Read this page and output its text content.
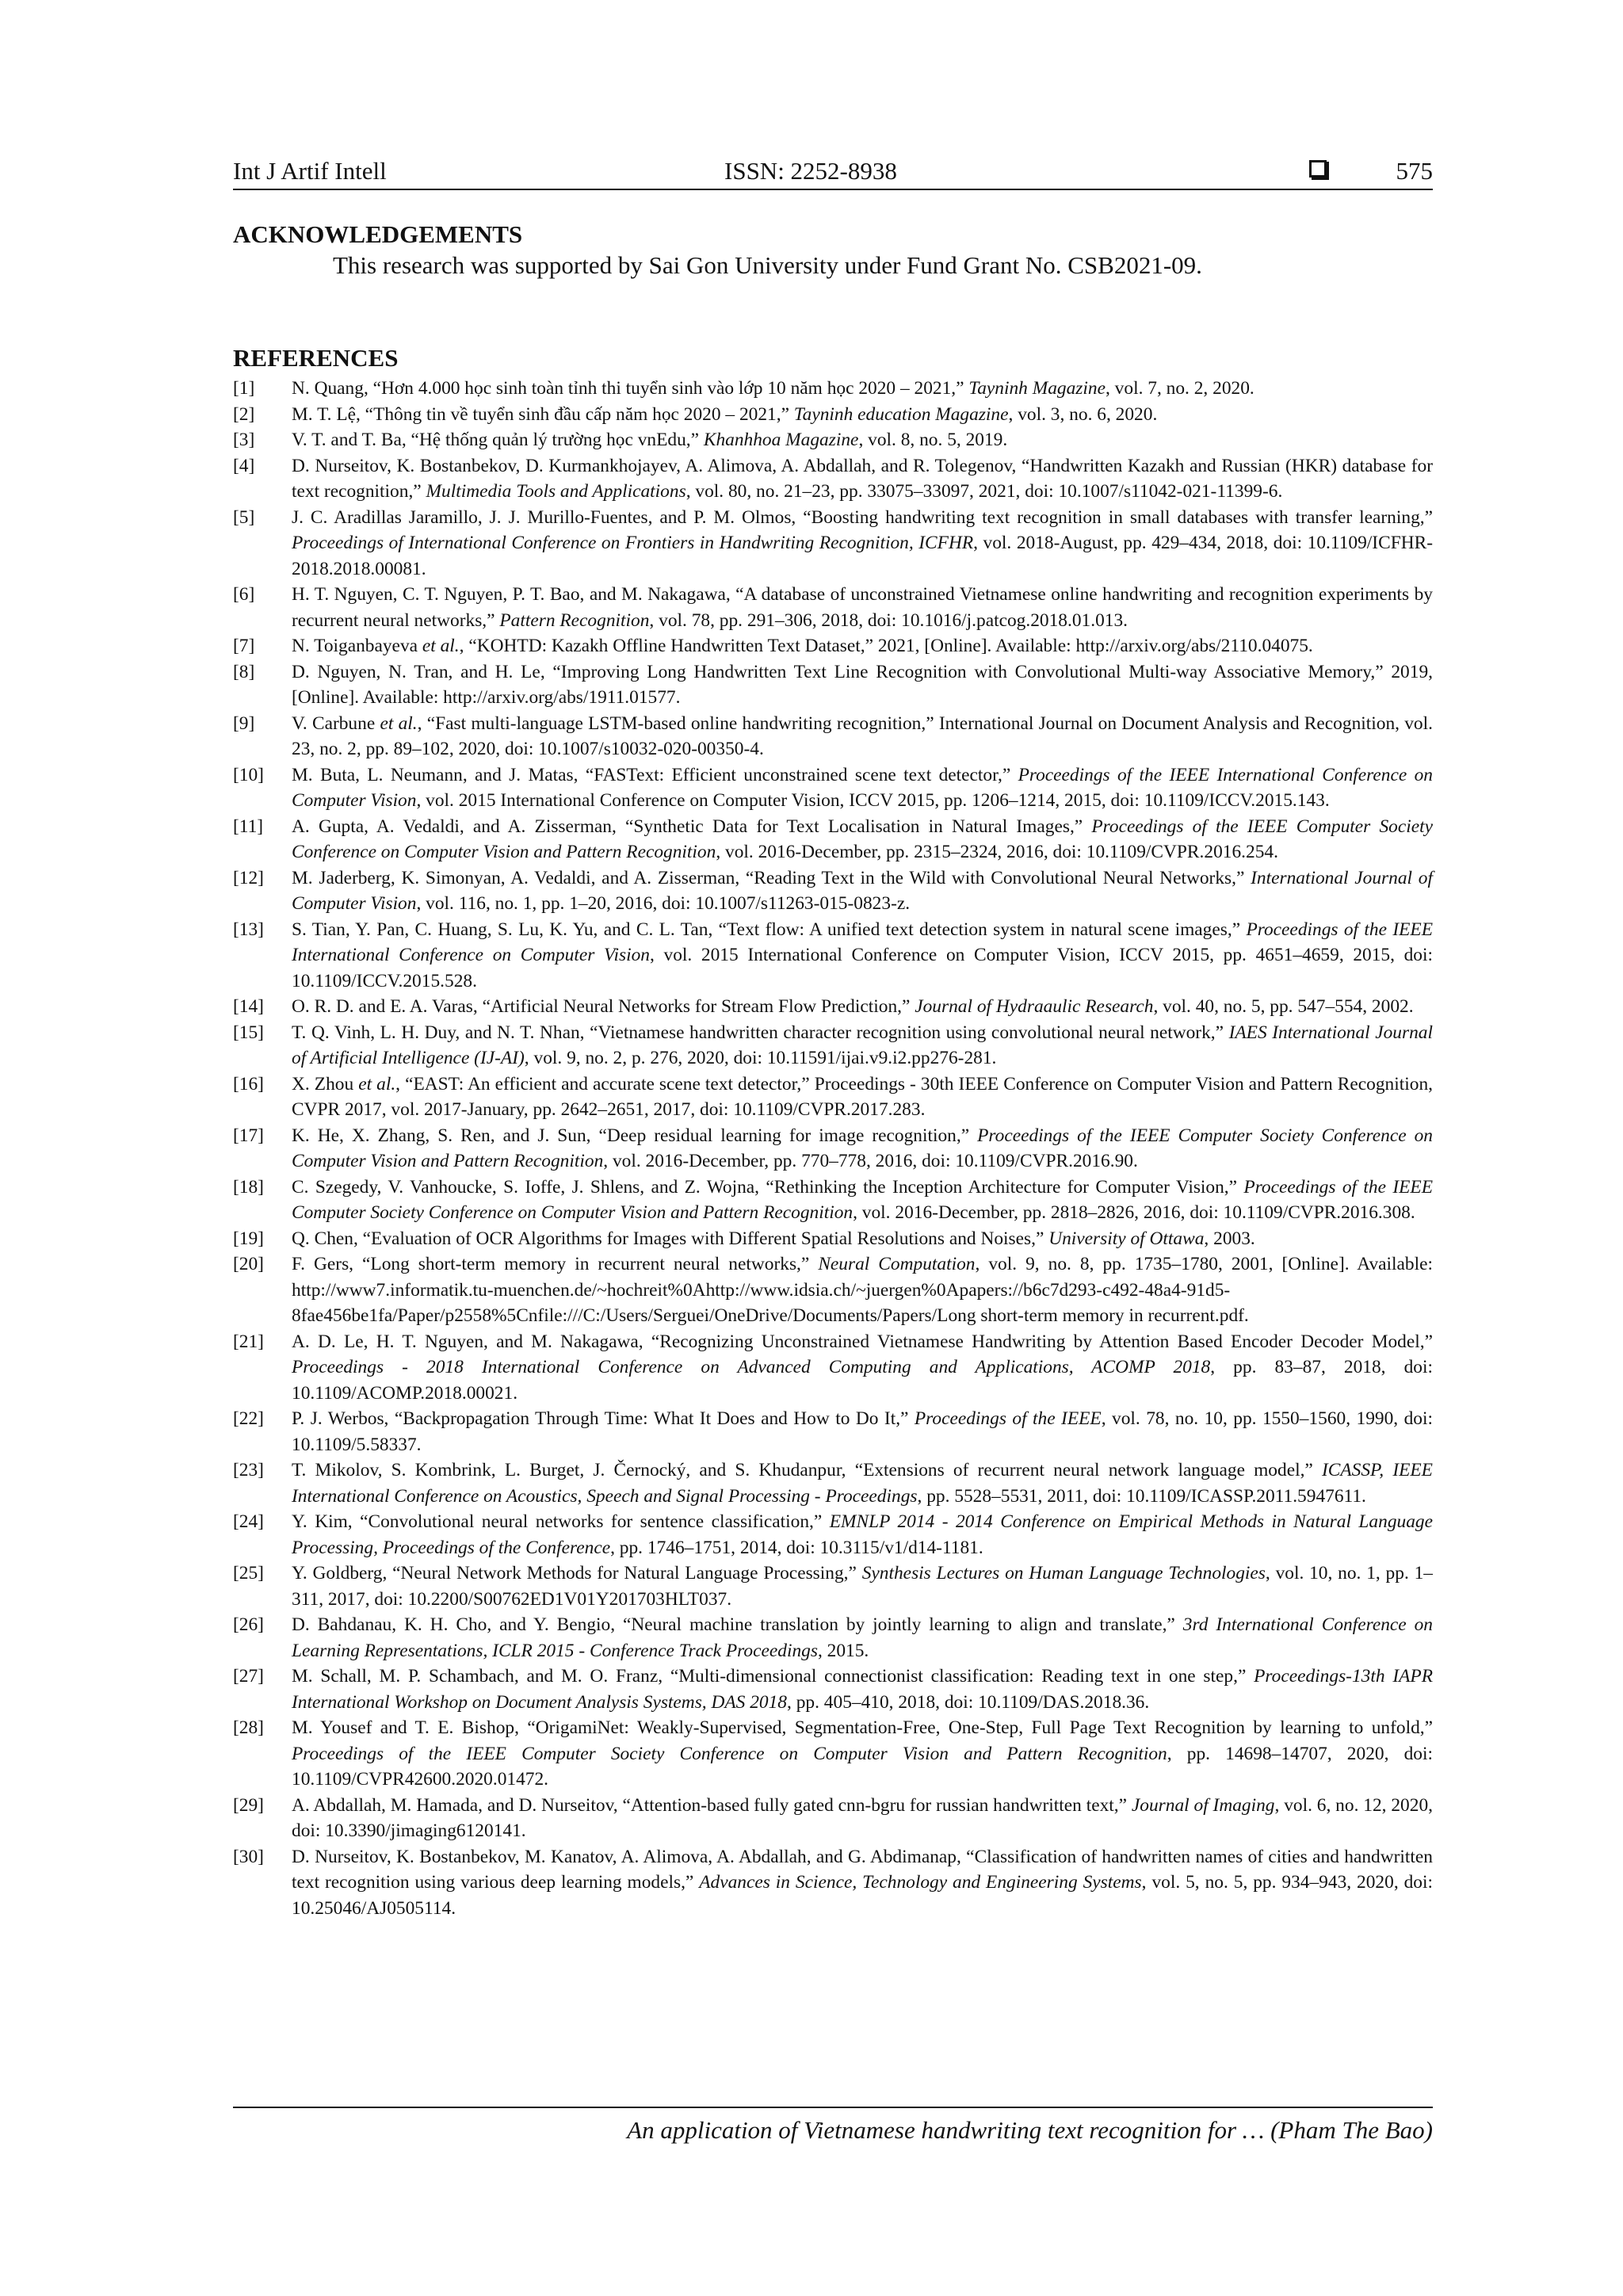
Int J Artif Intell	ISSN: 2252-8938	575
ACKNOWLEDGEMENTS
This research was supported by Sai Gon University under Fund Grant No. CSB2021-09.
REFERENCES
[1]	N. Quang, “Hơn 4.000 học sinh toàn tỉnh thi tuyển sinh vào lớp 10 năm học 2020 – 2021,” Tayninh Magazine, vol. 7, no. 2, 2020.
[2]	M. T. Lệ, “Thông tin về tuyển sinh đầu cấp năm học 2020 – 2021,” Tayninh education Magazine, vol. 3, no. 6, 2020.
[3]	V. T. and T. Ba, “Hệ thống quản lý trường học vnEdu,” Khanhhoa Magazine, vol. 8, no. 5, 2019.
[4]	D. Nurseitov, K. Bostanbekov, D. Kurmankhojayev, A. Alimova, A. Abdallah, and R. Tolegenov, “Handwritten Kazakh and Russian (HKR) database for text recognition,” Multimedia Tools and Applications, vol. 80, no. 21–23, pp. 33075–33097, 2021, doi: 10.1007/s11042-021-11399-6.
[5]	J. C. Aradillas Jaramillo, J. J. Murillo-Fuentes, and P. M. Olmos, “Boosting handwriting text recognition in small databases with transfer learning,” Proceedings of International Conference on Frontiers in Handwriting Recognition, ICFHR, vol. 2018-August, pp. 429–434, 2018, doi: 10.1109/ICFHR-2018.2018.00081.
[6]	H. T. Nguyen, C. T. Nguyen, P. T. Bao, and M. Nakagawa, “A database of unconstrained Vietnamese online handwriting and recognition experiments by recurrent neural networks,” Pattern Recognition, vol. 78, pp. 291–306, 2018, doi: 10.1016/j.patcog.2018.01.013.
[7]	N. Toiganbayeva et al., “KOHTD: Kazakh Offline Handwritten Text Dataset,” 2021, [Online]. Available: http://arxiv.org/abs/2110.04075.
[8]	D. Nguyen, N. Tran, and H. Le, “Improving Long Handwritten Text Line Recognition with Convolutional Multi-way Associative Memory,” 2019, [Online]. Available: http://arxiv.org/abs/1911.01577.
[9]	V. Carbune et al., “Fast multi-language LSTM-based online handwriting recognition,” International Journal on Document Analysis and Recognition, vol. 23, no. 2, pp. 89–102, 2020, doi: 10.1007/s10032-020-00350-4.
[10]	M. Buta, L. Neumann, and J. Matas, “FASText: Efficient unconstrained scene text detector,” Proceedings of the IEEE International Conference on Computer Vision, vol. 2015 International Conference on Computer Vision, ICCV 2015, pp. 1206–1214, 2015, doi: 10.1109/ICCV.2015.143.
[11]	A. Gupta, A. Vedaldi, and A. Zisserman, “Synthetic Data for Text Localisation in Natural Images,” Proceedings of the IEEE Computer Society Conference on Computer Vision and Pattern Recognition, vol. 2016-December, pp. 2315–2324, 2016, doi: 10.1109/CVPR.2016.254.
[12]	M. Jaderberg, K. Simonyan, A. Vedaldi, and A. Zisserman, “Reading Text in the Wild with Convolutional Neural Networks,” International Journal of Computer Vision, vol. 116, no. 1, pp. 1–20, 2016, doi: 10.1007/s11263-015-0823-z.
[13]	S. Tian, Y. Pan, C. Huang, S. Lu, K. Yu, and C. L. Tan, “Text flow: A unified text detection system in natural scene images,” Proceedings of the IEEE International Conference on Computer Vision, vol. 2015 International Conference on Computer Vision, ICCV 2015, pp. 4651–4659, 2015, doi: 10.1109/ICCV.2015.528.
[14]	O. R. D. and E. A. Varas, “Artificial Neural Networks for Stream Flow Prediction,” Journal of Hydraaulic Research, vol. 40, no. 5, pp. 547–554, 2002.
[15]	T. Q. Vinh, L. H. Duy, and N. T. Nhan, “Vietnamese handwritten character recognition using convolutional neural network,” IAES International Journal of Artificial Intelligence (IJ-AI), vol. 9, no. 2, p. 276, 2020, doi: 10.11591/ijai.v9.i2.pp276-281.
[16]	X. Zhou et al., “EAST: An efficient and accurate scene text detector,” Proceedings - 30th IEEE Conference on Computer Vision and Pattern Recognition, CVPR 2017, vol. 2017-January, pp. 2642–2651, 2017, doi: 10.1109/CVPR.2017.283.
[17]	K. He, X. Zhang, S. Ren, and J. Sun, “Deep residual learning for image recognition,” Proceedings of the IEEE Computer Society Conference on Computer Vision and Pattern Recognition, vol. 2016-December, pp. 770–778, 2016, doi: 10.1109/CVPR.2016.90.
[18]	C. Szegedy, V. Vanhoucke, S. Ioffe, J. Shlens, and Z. Wojna, “Rethinking the Inception Architecture for Computer Vision,” Proceedings of the IEEE Computer Society Conference on Computer Vision and Pattern Recognition, vol. 2016-December, pp. 2818–2826, 2016, doi: 10.1109/CVPR.2016.308.
[19]	Q. Chen, “Evaluation of OCR Algorithms for Images with Different Spatial Resolutions and Noises,” University of Ottawa, 2003.
[20]	F. Gers, “Long short-term memory in recurrent neural networks,” Neural Computation, vol. 9, no. 8, pp. 1735–1780, 2001, [Online]. Available: http://www7.informatik.tu-muenchen.de/~hochreit%0Ahttp://www.idsia.ch/~juergen%0Apapers://b6c7d293-c492-48a4-91d5-8fae456be1fa/Paper/p2558%5Cnfile:///C:/Users/Serguei/OneDrive/Documents/Papers/Long short-term memory in recurrent.pdf.
[21]	A. D. Le, H. T. Nguyen, and M. Nakagawa, “Recognizing Unconstrained Vietnamese Handwriting by Attention Based Encoder Decoder Model,” Proceedings - 2018 International Conference on Advanced Computing and Applications, ACOMP 2018, pp. 83–87, 2018, doi: 10.1109/ACOMP.2018.00021.
[22]	P. J. Werbos, “Backpropagation Through Time: What It Does and How to Do It,” Proceedings of the IEEE, vol. 78, no. 10, pp. 1550–1560, 1990, doi: 10.1109/5.58337.
[23]	T. Mikolov, S. Kombrink, L. Burget, J. Černocký, and S. Khudanpur, “Extensions of recurrent neural network language model,” ICASSP, IEEE International Conference on Acoustics, Speech and Signal Processing - Proceedings, pp. 5528–5531, 2011, doi: 10.1109/ICASSP.2011.5947611.
[24]	Y. Kim, “Convolutional neural networks for sentence classification,” EMNLP 2014 - 2014 Conference on Empirical Methods in Natural Language Processing, Proceedings of the Conference, pp. 1746–1751, 2014, doi: 10.3115/v1/d14-1181.
[25]	Y. Goldberg, “Neural Network Methods for Natural Language Processing,” Synthesis Lectures on Human Language Technologies, vol. 10, no. 1, pp. 1–311, 2017, doi: 10.2200/S00762ED1V01Y201703HLT037.
[26]	D. Bahdanau, K. H. Cho, and Y. Bengio, “Neural machine translation by jointly learning to align and translate,” 3rd International Conference on Learning Representations, ICLR 2015 - Conference Track Proceedings, 2015.
[27]	M. Schall, M. P. Schambach, and M. O. Franz, “Multi-dimensional connectionist classification: Reading text in one step,” Proceedings-13th IAPR International Workshop on Document Analysis Systems, DAS 2018, pp. 405–410, 2018, doi: 10.1109/DAS.2018.36.
[28]	M. Yousef and T. E. Bishop, “OrigamiNet: Weakly-Supervised, Segmentation-Free, One-Step, Full Page Text Recognition by learning to unfold,” Proceedings of the IEEE Computer Society Conference on Computer Vision and Pattern Recognition, pp. 14698–14707, 2020, doi: 10.1109/CVPR42600.2020.01472.
[29]	A. Abdallah, M. Hamada, and D. Nurseitov, “Attention-based fully gated cnn-bgru for russian handwritten text,” Journal of Imaging, vol. 6, no. 12, 2020, doi: 10.3390/jimaging6120141.
[30]	D. Nurseitov, K. Bostanbekov, M. Kanatov, A. Alimova, A. Abdallah, and G. Abdimanap, “Classification of handwritten names of cities and handwritten text recognition using various deep learning models,” Advances in Science, Technology and Engineering Systems, vol. 5, no. 5, pp. 934–943, 2020, doi: 10.25046/AJ0505114.
An application of Vietnamese handwriting text recognition for … (Pham The Bao)
